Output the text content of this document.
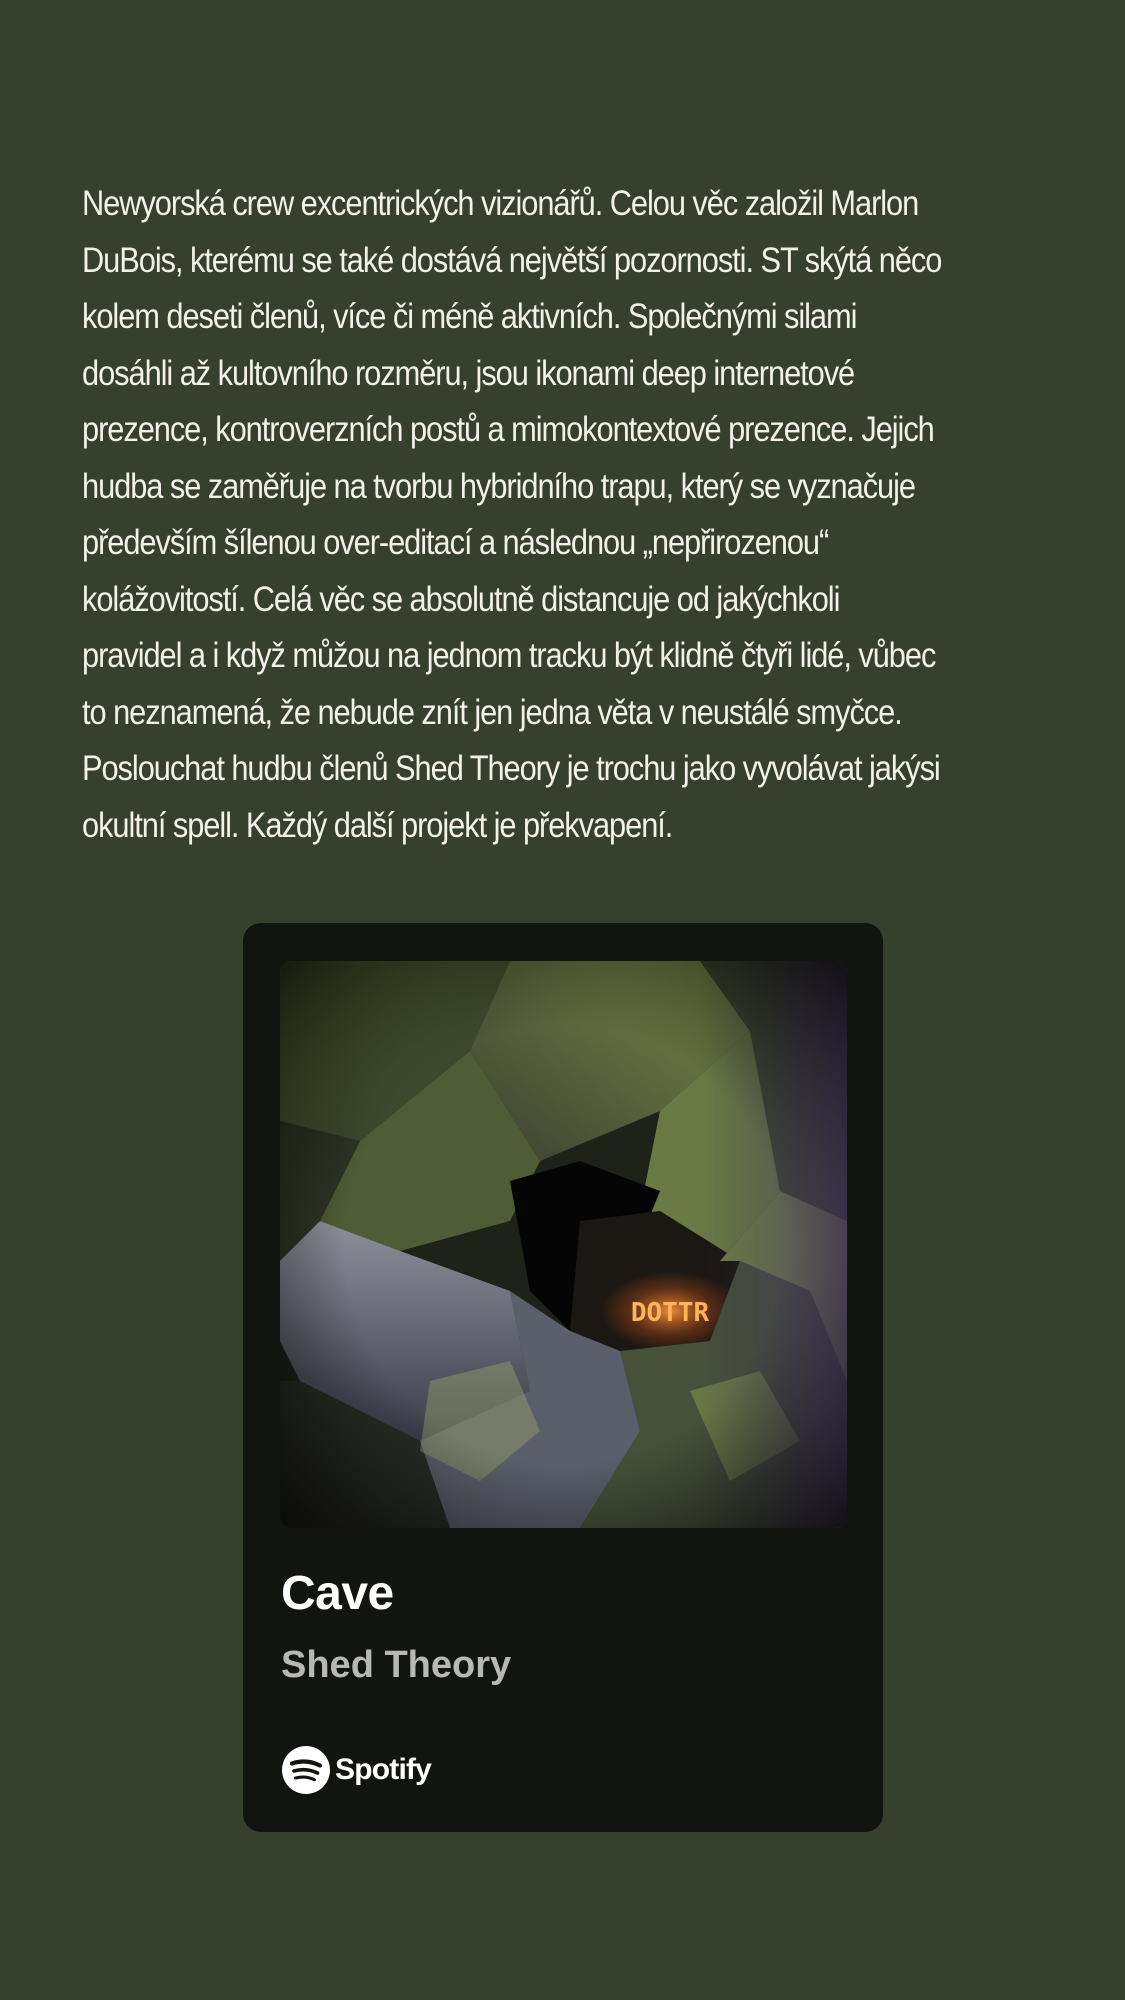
Newyorská crew excentrických vizionářů. Celou věc založil Marlon DuBois, kterému se také dostává největší pozornosti. ST skýtá něco kolem deseti členů, více či méně aktivních. Společnými silami dosáhli až kultovního rozměru, jsou ikonami deep internetové prezence, kontroverzních postů a mimokontextové prezence. Jejich hudba se zaměřuje na tvorbu hybridního trapu, který se vyznačuje především šílenou over-editací a následnou „nepřirozenou“ kolážovitostí. Celá věc se absolutně distancuje od jakýchkoli pravidel a i když můžou na jednom tracku být klidně čtyři lidé, vůbec to neznamená, že nebude znít jen jedna věta v neustálé smyčce. Poslouchat hudbu členů Shed Theory je trochu jako vyvolávat jakýsi okultní spell. Každý další projekt je překvapení.

Cave
Shed Theory
Spotify
